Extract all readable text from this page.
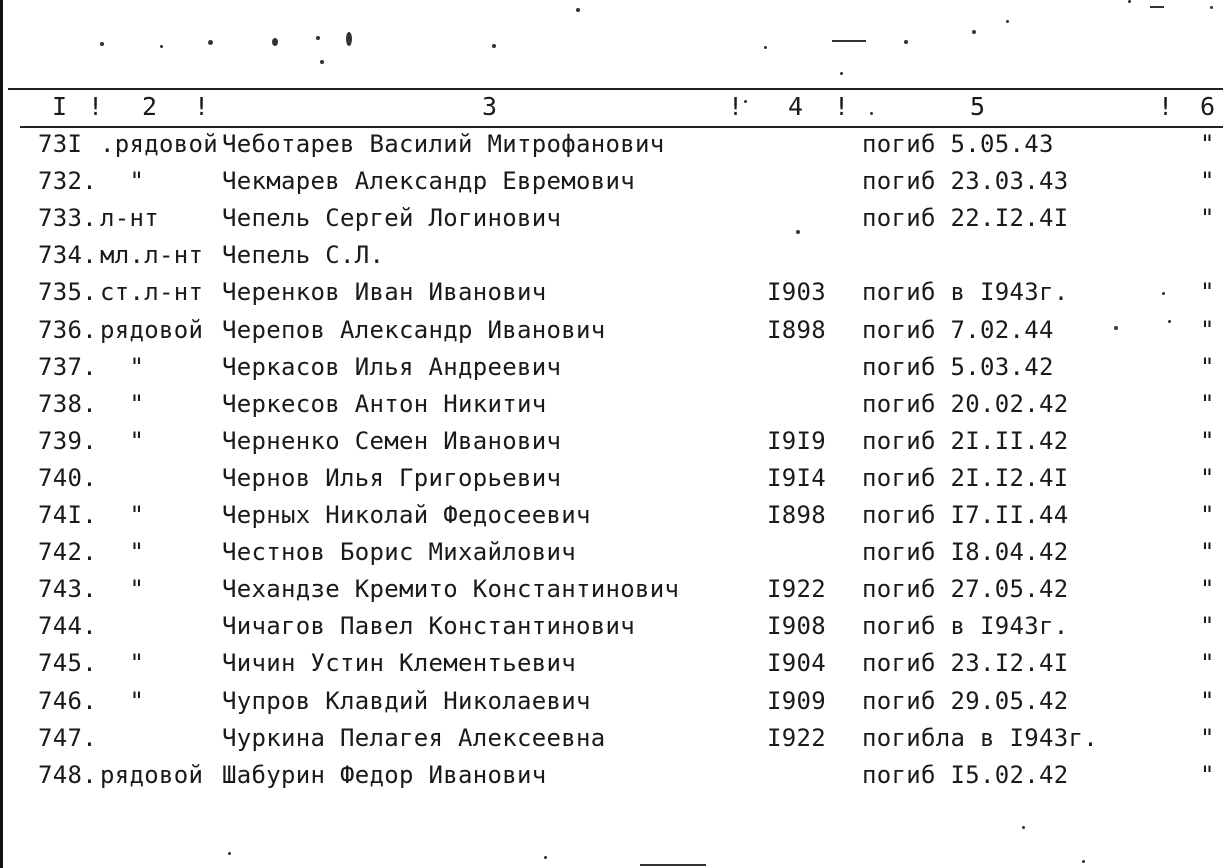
I ! 2 !	3	! 4 !	5	! 6
73I .рядовой Чеботарев Василий Митрофанович	погиб 5.05.43	"
732. "	Чекмарев Александр Евремович	погиб 23.03.43	"
733. л-нт	Чепель Сергей Логинович	погиб 22.I2.4I	"
734. мл.л-нт Чепель С.Л.
735. ст.л-нт Черенков Иван Иванович	I903 погиб в I943г.	"
736. рядовой Черепов Александр Иванович	I898 погиб 7.02.44	"
737. "	Черкасов Илья Андреевич	погиб 5.03.42	"
738. "	Черкесов Антон Никитич	погиб 20.02.42	"
739. "	Черненко Семен Иванович	I9I9 погиб 2I.II.42	"
740.	Чернов Илья Григорьевич	I9I4 погиб 2I.I2.4I	"
74I. "	Черных Николай Федосеевич	I898 погиб I7.II.44	"
742. "	Честнов Борис Михайлович	погиб I8.04.42	"
743. "	Чехандзе Кремито Константинович	I922 погиб 27.05.42	"
744.	Чичагов Павел Константинович	I908 погиб в I943г.	"
745. "	Чичин Устин Клементьевич	I904 погиб 23.I2.4I	"
746. "	Чупров Клавдий Николаевич	I909 погиб 29.05.42	"
747.	Чуркина Пелагея Алексеевна	I922 погибла в I943г.	"
748. рядовой Шабурин Федор Иванович	погиб I5.02.42	"
